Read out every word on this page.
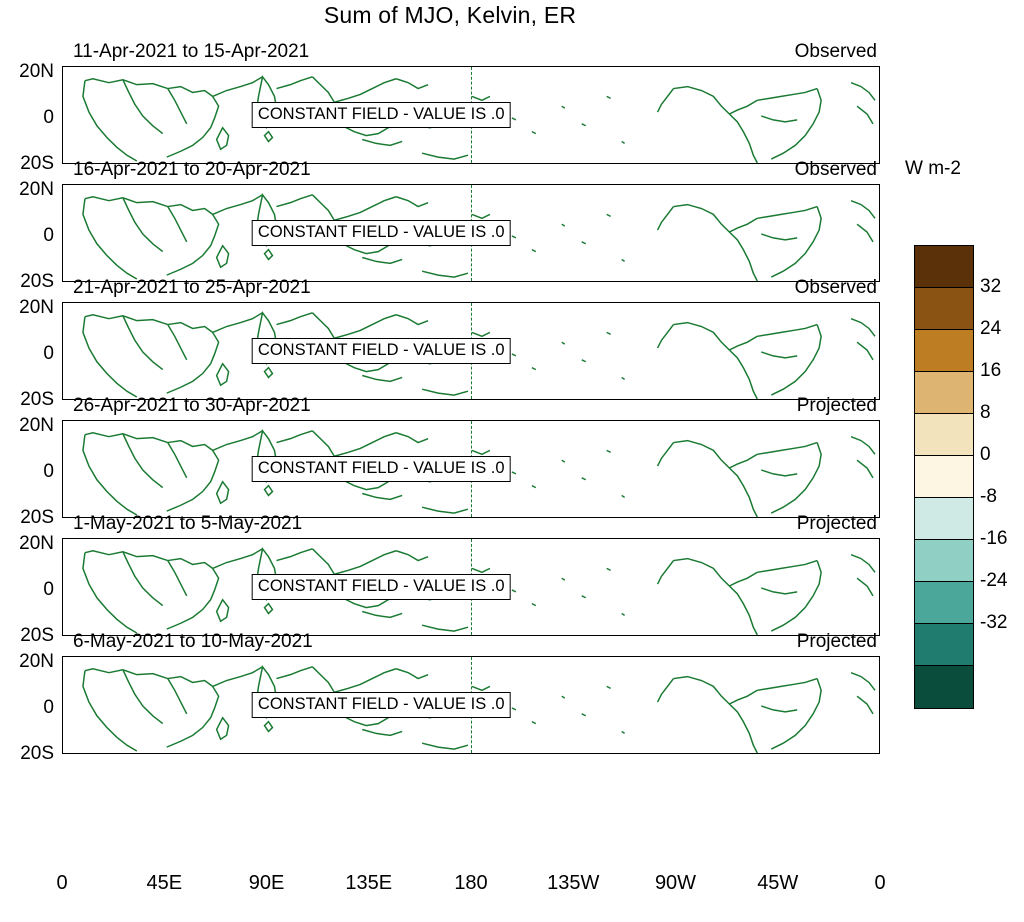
Sum of MJO, Kelvin, ER
20N
0
20S
20N
0
20S
20N
0
20S
20N
0
20S
20N
0
20S
20N
0
20S
11-Apr-2021 to 15-Apr-2021	Observed
CONSTANT FIELD - VALUE IS .0
16-Apr-2021 to 20-Apr-2021	Observed
CONSTANT FIELD - VALUE IS .0
21-Apr-2021 to 25-Apr-2021	Observed
CONSTANT FIELD - VALUE IS .0
26-Apr-2021 to 30-Apr-2021	Projected
CONSTANT FIELD - VALUE IS .0
1-May-2021 to 5-May-2021	Projected
CONSTANT FIELD - VALUE IS .0
6-May-2021 to 10-May-2021	Projected
CONSTANT FIELD - VALUE IS .0
0	45E	90E	135E	180	135W	90W	45W	0
W m-2
32
24
16
8
0
-8
-16
-24
-32
